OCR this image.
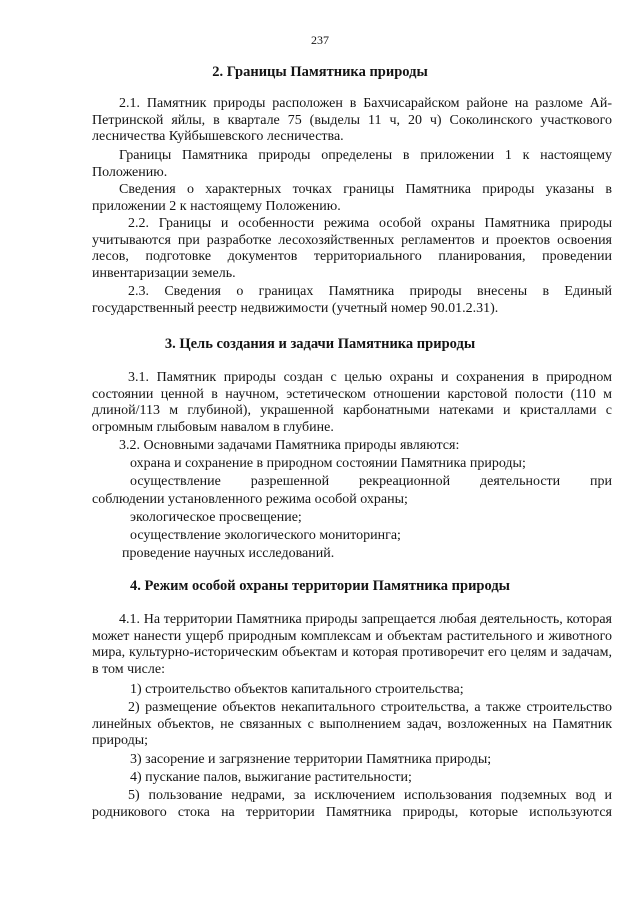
237
2. Границы Памятника природы
2.1. Памятник природы расположен в Бахчисарайском районе на разломе Ай-Петринской яйлы, в квартале 75 (выделы 11 ч, 20 ч) Соколинского участкового лесничества Куйбышевского лесничества.
Границы Памятника природы определены в приложении 1 к настоящему Положению.
Сведения о характерных точках границы Памятника природы указаны в приложении 2 к настоящему Положению.
2.2. Границы и особенности режима особой охраны Памятника природы учитываются при разработке лесохозяйственных регламентов и проектов освоения лесов, подготовке документов территориального планирования, проведении инвентаризации земель.
2.3. Сведения о границах Памятника природы внесены в Единый государственный реестр недвижимости (учетный номер 90.01.2.31).
3. Цель создания и задачи Памятника природы
3.1. Памятник природы создан с целью охраны и сохранения в природном состоянии ценной в научном, эстетическом отношении карстовой полости (110 м длиной/113 м глубиной), украшенной карбонатными натеками и кристаллами с огромным глыбовым навалом в глубине.
3.2. Основными задачами Памятника природы являются:
охрана и сохранение в природном состоянии Памятника природы;
осуществление разрешенной рекреационной деятельности при
соблюдении установленного режима особой охраны;
экологическое просвещение;
осуществление экологического мониторинга;
проведение научных исследований.
4. Режим особой охраны территории Памятника природы
4.1. На территории Памятника природы запрещается любая деятельность, которая может нанести ущерб природным комплексам и объектам растительного и животного мира, культурно-историческим объектам и которая противоречит его целям и задачам, в том числе:
1) строительство объектов капитального строительства;
2) размещение объектов некапитального строительства, а также строительство линейных объектов, не связанных с выполнением задач, возложенных на Памятник природы;
3) засорение и загрязнение территории Памятника природы;
4) пускание палов, выжигание растительности;
5) пользование недрами, за исключением использования подземных вод и родникового стока на территории Памятника природы, которые используются
